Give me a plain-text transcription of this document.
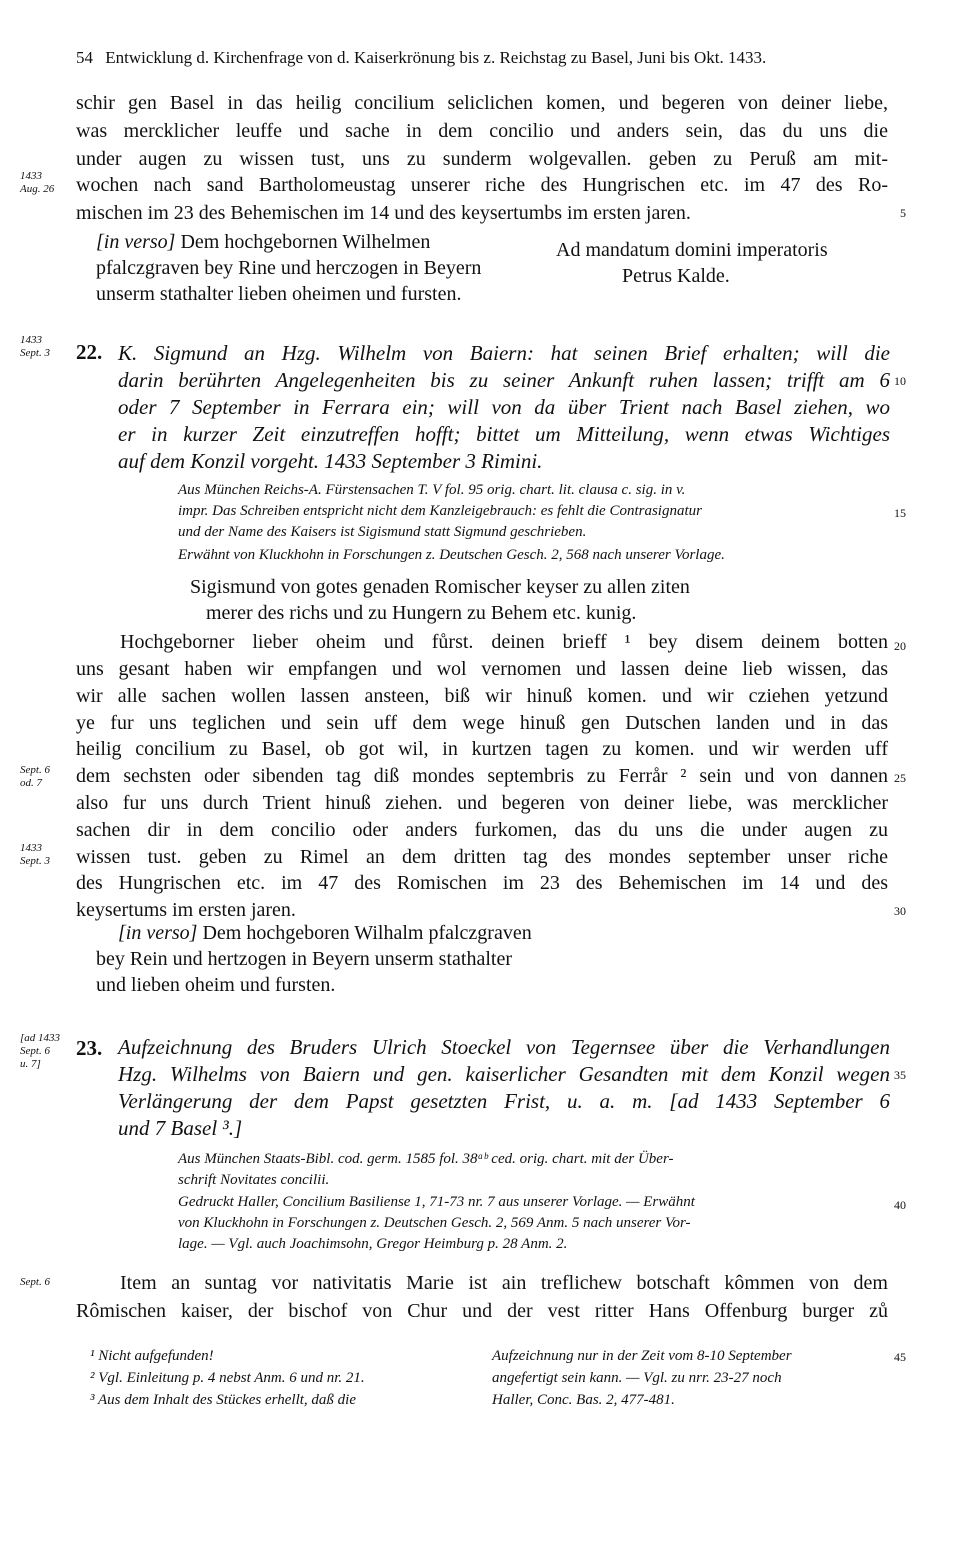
54 Entwicklung d. Kirchenfrage von d. Kaiserkrönung bis z. Reichstag zu Basel, Juni bis Okt. 1433.
schir gen Basel in das heilig concilium seliclichen komen, und begeren von deiner liebe,
was mercklicher leuffe und sache in dem concilio und anders sein, das du uns die
under augen zu wissen tust, uns zu sunderm wolgevallen. geben zu Peruß am mit-
wochen nach sand Bartholomeustag unserer riche des Hungrischen etc. im 47 des Ro-
mischen im 23 des Behemischen im 14 und des keysertumbs im ersten jaren.
1433
Aug. 26
5
[in verso] Dem hochgebornen Wilhelmen
pfalczgraven bey Rine und herczogen in Beyern
unserm stathalter lieben oheimen und fursten.
Ad mandatum domini imperatoris
Petrus Kalde.
1433
Sept. 3 22. K. Sigmund an Hzg. Wilhelm von Baiern: hat seinen Brief erhalten; will die
darin berührten Angelegenheiten bis zu seiner Ankunft ruhen lassen; trifft am 6
oder 7 September in Ferrara ein; will von da über Trient nach Basel ziehen, wo
er in kurzer Zeit einzutreffen hofft; bittet um Mitteilung, wenn etwas Wichtiges
auf dem Konzil vorgeht. 1433 September 3 Rimini.
10
Aus München Reichs-A. Fürstensachen T. V fol. 95 orig. chart. lit. clausa c. sig. in v.
impr. Das Schreiben entspricht nicht dem Kanzleigebrauch: es fehlt die Contrasignatur
und der Name des Kaisers ist Sigismund statt Sigmund geschrieben.
Erwähnt von Kluckhohn in Forschungen z. Deutschen Gesch. 2, 568 nach unserer Vorlage.
15
Sigismund von gotes genaden Romischer keyser zu allen ziten
merer des richs und zu Hungern zu Behem etc. kunig.
Hochgeborner lieber oheim und fůrst. deinen brieff ¹ bey disem deinem botten
uns gesant haben wir empfangen und wol vernomen und lassen deine lieb wissen, das
wir alle sachen wollen lassen ansteen, biß wir hinuß komen. und wir cziehen yetzund
ye fur uns teglichen und sein uff dem wege hinuß gen Dutschen landen und in das
heilig concilium zu Basel, ob got wil, in kurtzen tagen zu komen. und wir werden uff
dem sechsten oder sibenden tag diß mondes septembris zu Ferrår ² sein und von dannen
also fur uns durch Trient hinuß ziehen. und begeren von deiner liebe, was mercklicher
sachen dir in dem concilio oder anders furkomen, das du uns die under augen zu
wissen tust. geben zu Rimel an dem dritten tag des mondes september unser riche
des Hungrischen etc. im 47 des Romischen im 23 des Behemischen im 14 und des
keysertums im ersten jaren.
20
25
30
Sept. 6
od. 7
1433
Sept. 3
[in verso] Dem hochgeboren Wilhalm pfalczgraven
bey Rein und hertzogen in Beyern unserm stathalter
und lieben oheim und fursten.
[ad 1433
Sept. 6
u. 7]
23. Aufzeichnung des Bruders Ulrich Stoeckel von Tegernsee über die Verhandlungen
Hzg. Wilhelms von Baiern und gen. kaiserlicher Gesandten mit dem Konzil wegen
Verlängerung der dem Papst gesetzten Frist, u. a. m. [ad 1433 September 6
und 7 Basel ³.]
35
Aus München Staats-Bibl. cod. germ. 1585 fol. 38ᵃᵇ ced. orig. chart. mit der Über-
schrift Novitates concilii.
Gedruckt Haller, Concilium Basiliense 1, 71-73 nr. 7 aus unserer Vorlage. — Erwähnt
von Kluckhohn in Forschungen z. Deutschen Gesch. 2, 569 Anm. 5 nach unserer Vor-
lage. — Vgl. auch Joachimsohn, Gregor Heimburg p. 28 Anm. 2.
40
Sept. 6	Item an suntag vor nativitatis Marie ist ain treflichew botschaft kômmen von dem
Rômischen kaiser, der bischof von Chur und der vest ritter Hans Offenburg burger zů
¹ Nicht aufgefunden!
² Vgl. Einleitung p. 4 nebst Anm. 6 und nr. 21.
³ Aus dem Inhalt des Stückes erhellt, daß die
Aufzeichnung nur in der Zeit vom 8-10 September
angefertigt sein kann. — Vgl. zu nrr. 23-27 noch
Haller, Conc. Bas. 2, 477-481.
45
